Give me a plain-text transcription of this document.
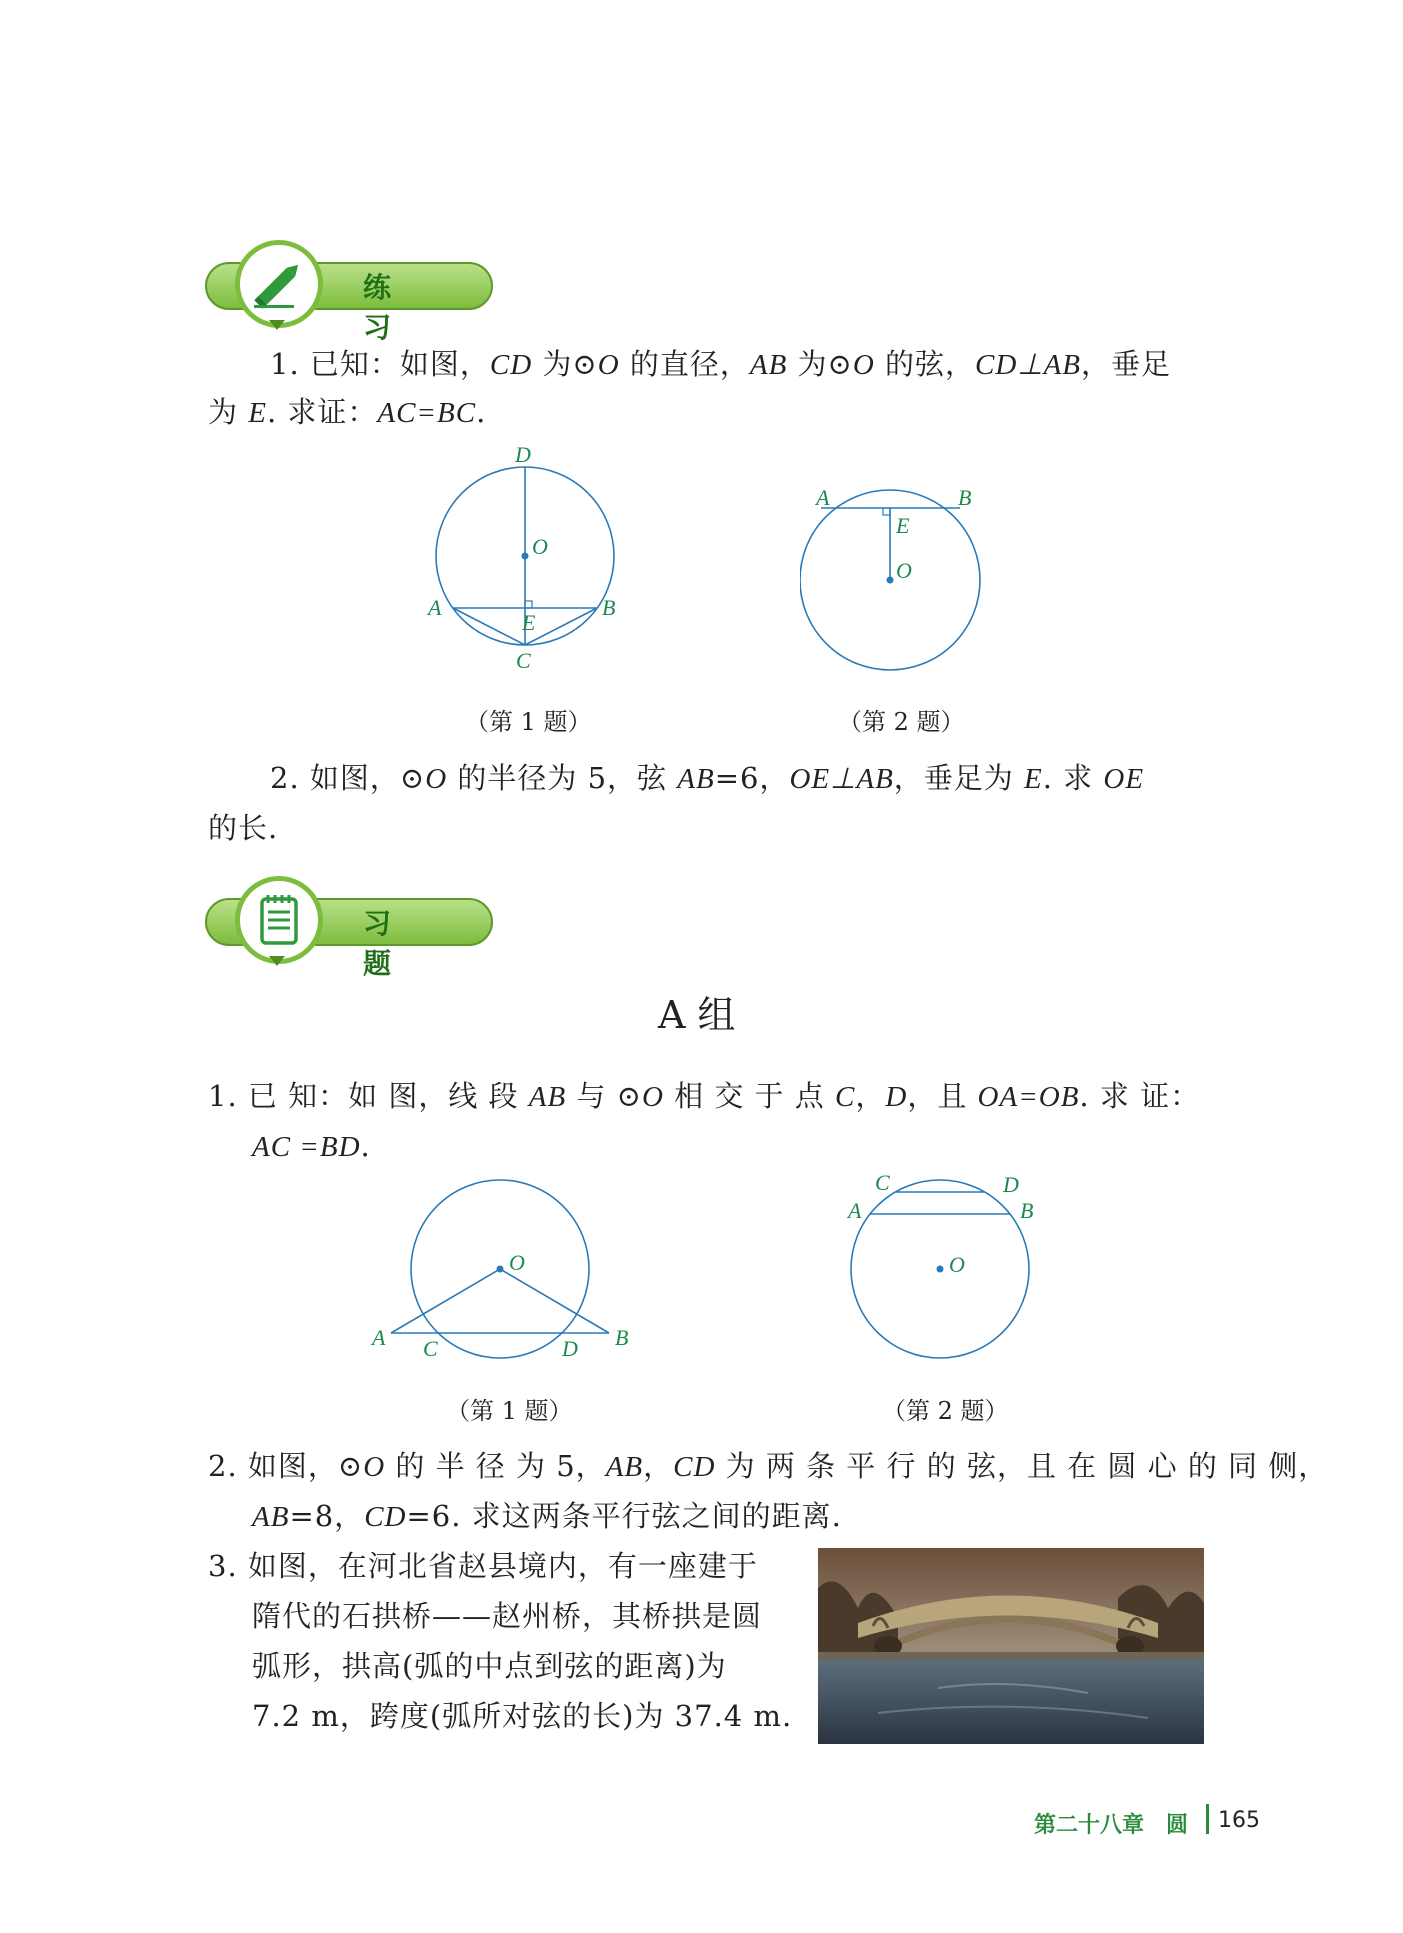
练 习
1. 已知：如图，CD 为⊙O 的直径，AB 为⊙O 的弦，CD⊥AB，垂足
为 E. 求证：AC=BC.
D
O
A
E
B
C
A	B
E
O
（第 1 题）	（第 2 题）
2. 如图，⊙O 的半径为 5，弦 AB=6，OE⊥AB，垂足为 E. 求 OE
的长.
习 题
A 组
1. 已 知：如 图，线 段 AB 与 ⊙O 相 交 于 点 C，D，且 OA=OB. 求 证：
AC =BD.
O
A C	D B
C	D
A	B
O
（第 1 题）	（第 2 题）
2. 如图，⊙O 的 半 径 为 5，AB，CD 为 两 条 平 行 的 弦，且 在 圆 心 的 同 侧，
AB=8，CD=6. 求这两条平行弦之间的距离.
3. 如图，在河北省赵县境内，有一座建于
隋代的石拱桥——赵州桥，其桥拱是圆
弧形，拱高(弧的中点到弦的距离)为
7.2 m，跨度(弧所对弦的长)为 37.4 m.
第二十八章　圆 165
